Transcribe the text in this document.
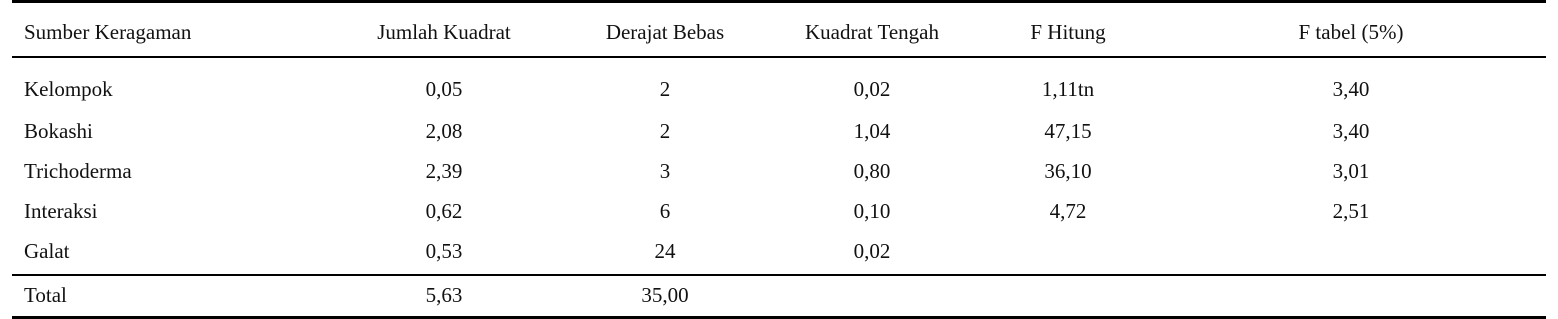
Sumber Keragaman	Jumlah Kuadrat	Derajat Bebas	Kuadrat Tengah	F Hitung	F tabel (5%)
Kelompok	0,05	2	0,02	1,11tn	3,40
Bokashi	2,08	2	1,04	47,15	3,40
Trichoderma	2,39	3	0,80	36,10	3,01
Interaksi	0,62	6	0,10	4,72	2,51
Galat	0,53	24	0,02		
Total	5,63	35,00			
